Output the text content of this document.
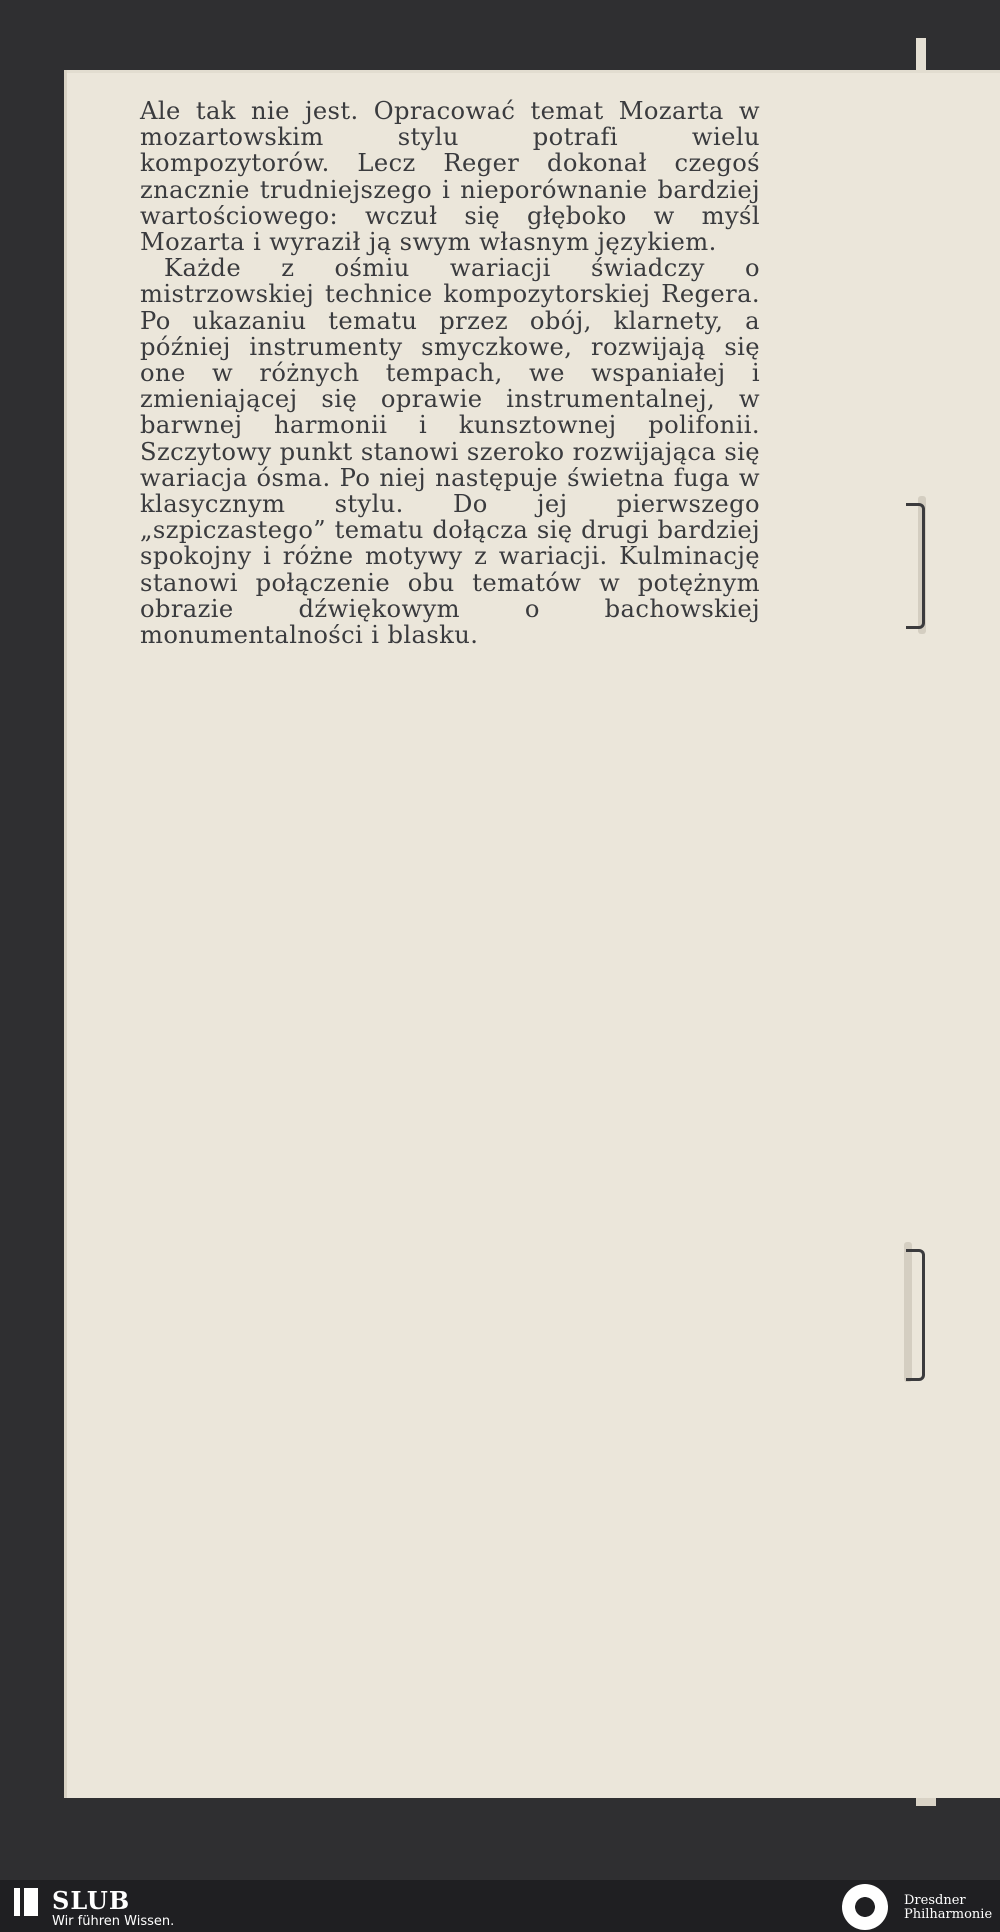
Ale tak nie jest. Opracować temat Mozarta w mozartowskim stylu potrafi wielu kompozytorów. Lecz Reger dokonał czegoś znacznie trudniejszego i nieporównanie bardziej wartościowego: wczuł się głęboko w myśl Mozarta i wyraził ją swym własnym językiem.

Każde z ośmiu wariacji świadczy o mistrzowskiej technice kompozytorskiej Regera. Po ukazaniu tematu przez obój, klarnety, a później instrumenty smyczkowe, rozwijają się one w różnych tempach, we wspaniałej i zmieniającej się oprawie instrumentalnej, w barwnej harmonii i kunsztownej polifonii. Szczytowy punkt stanowi szeroko rozwijająca się wariacja ósma. Po niej następuje świetna fuga w klasycznym stylu. Do jej pierwszego „szpiczastego” tematu dołącza się drugi bardziej spokojny i różne motywy z wariacji. Kulminację stanowi połączenie obu tematów w potężnym obrazie dźwiękowym o bachowskiej monumentalności i blasku.

SLUB
Wir führen Wissen.
Dresdner
Philharmonie
